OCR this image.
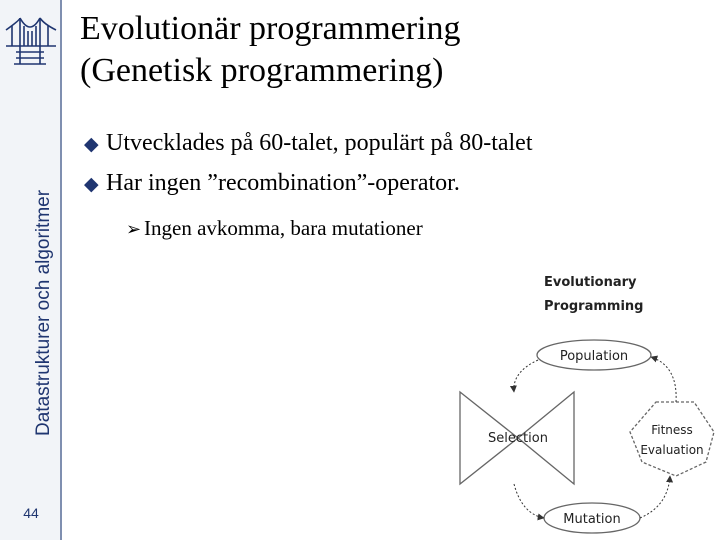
Datastrukturer och algoritmer
44
Evolutionär programmering
(Genetisk programmering)
◆ Utvecklades på 60-talet, populärt på 80-talet
◆ Har ingen ”recombination”-operator.
➢ Ingen avkomma, bara mutationer
Evolutionary
Programming
Population
Selection
Fitness
Evaluation
Mutation
